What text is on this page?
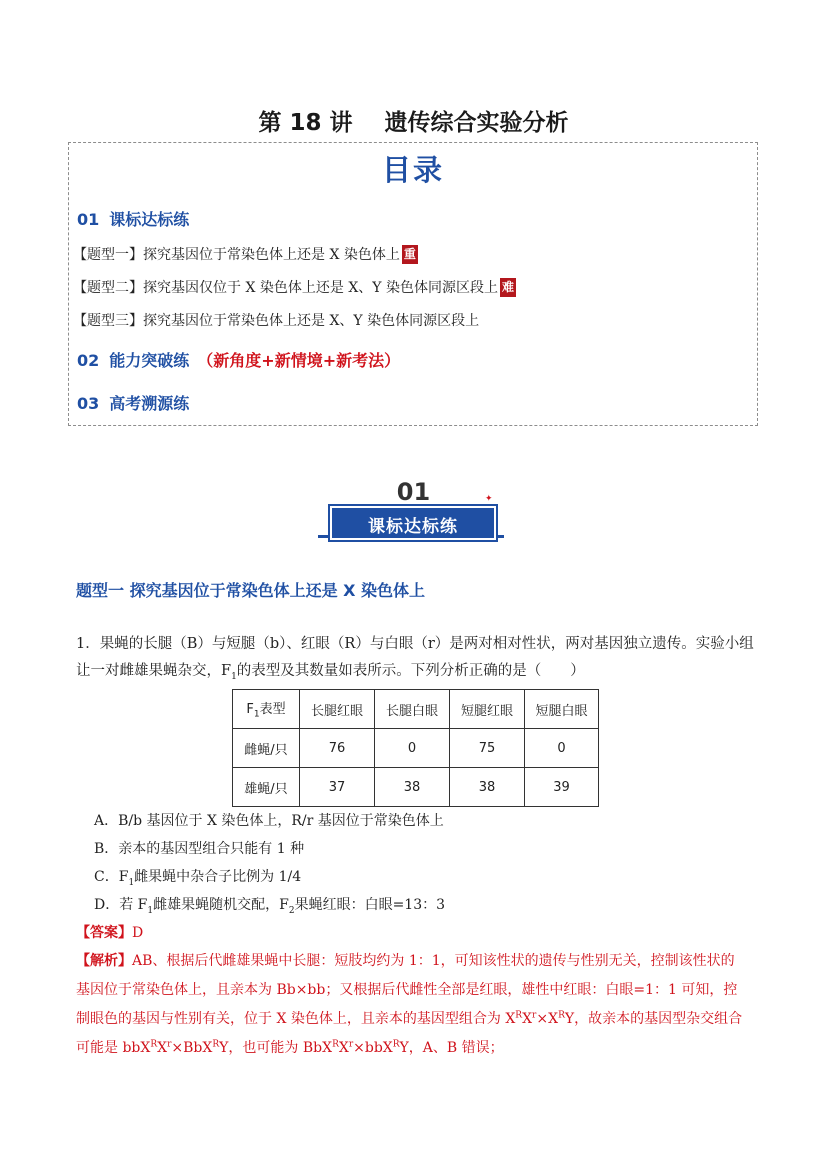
第 18 讲 遗传综合实验分析
目录
01 课标达标练
【题型一】探究基因位于常染色体上还是 X 染色体上 重
【题型二】探究基因仅位于 X 染色体上还是 X、Y 染色体同源区段上 难
【题型三】探究基因位于常染色体上还是 X、Y 染色体同源区段上
02 能力突破练 （新角度+新情境+新考法）
03 高考溯源练
01
课标达标练
✦
题型一 探究基因位于常染色体上还是 X 染色体上
1．果蝇的长腿（B）与短腿（b）、红眼（R）与白眼（r）是两对相对性状，两对基因独立遗传。实验小组
让一对雌雄果蝇杂交，$F_1$的表型及其数量如表所示。下列分析正确的是（　　）
$F_1$表型	长腿红眼	长腿白眼	短腿红眼	短腿白眼
雌蝇/只	76	0	75	0
雄蝇/只	37	38	38	39
A．B/b 基因位于 X 染色体上，R/r 基因位于常染色体上
B．亲本的基因型组合只能有 1 种
C．$F_1$雌果蝇中杂合子比例为 1/4
D．若 $F_1$雌雄果蝇随机交配，$F_2$果蝇红眼：白眼=13：3
【答案】D
【解析】AB、根据后代雌雄果蝇中长腿：短肢均约为 1：1，可知该性状的遗传与性别无关，控制该性状的
基因位于常染色体上，且亲本为 Bb×bb；又根据后代雌性全部是红眼，雄性中红眼：白眼=1：1 可知，控
制眼色的基因与性别有关，位于 X 染色体上，且亲本的基因型组合为 $X^RX^r\times X^RY$，故亲本的基因型杂交组合
可能是 $bbX^RX^r\times BbX^RY$，也可能为 $BbX^RX^r\times bbX^RY$，A、B 错误；
